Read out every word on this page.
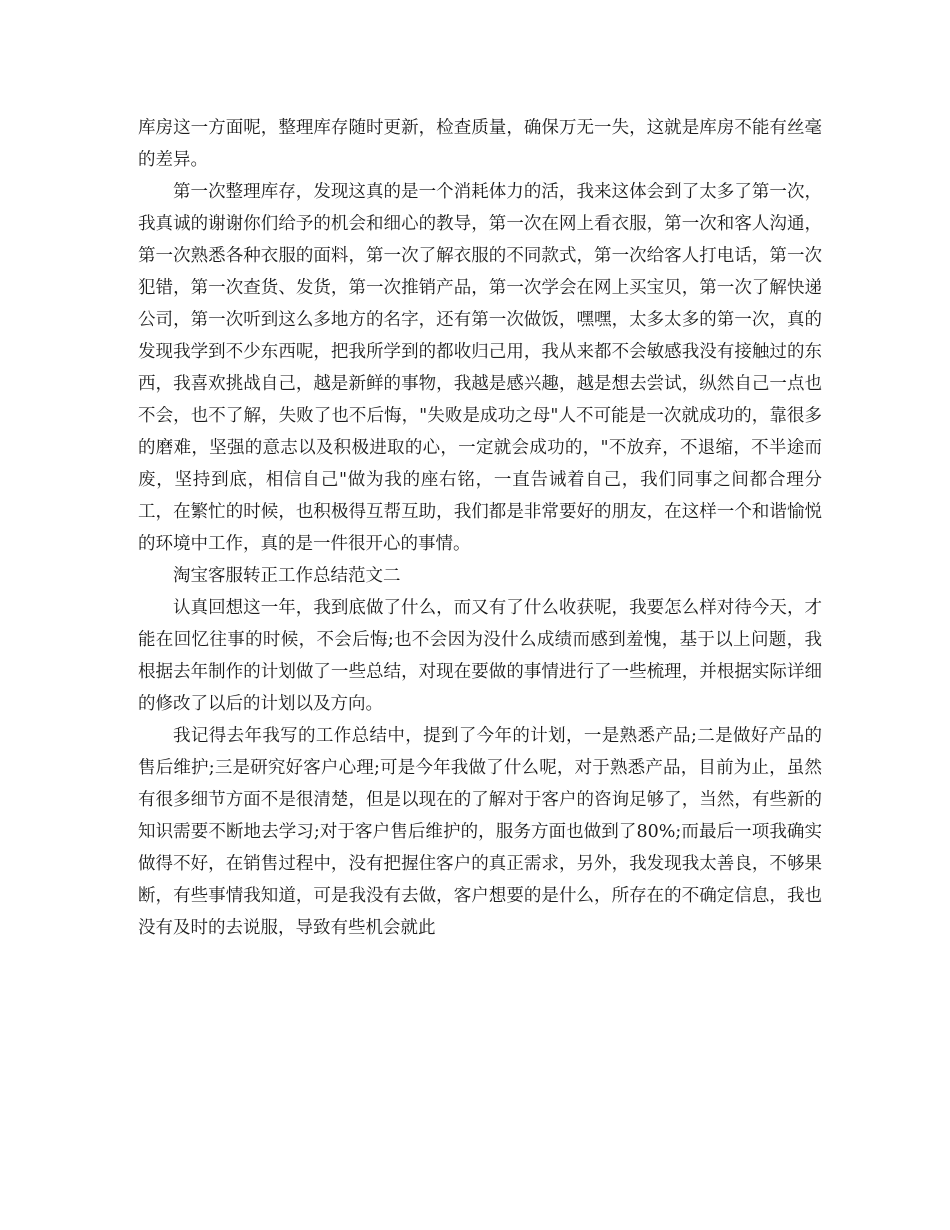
库房这一方面呢，整理库存随时更新，检查质量，确保万无一失，这就是库房不能有丝毫的差异。

第一次整理库存，发现这真的是一个消耗体力的活，我来这体会到了太多了第一次，我真诚的谢谢你们给予的机会和细心的教导，第一次在网上看衣服，第一次和客人沟通，第一次熟悉各种衣服的面料，第一次了解衣服的不同款式，第一次给客人打电话，第一次犯错，第一次查货、发货，第一次推销产品，第一次学会在网上买宝贝，第一次了解快递公司，第一次听到这么多地方的名字，还有第一次做饭，嘿嘿，太多太多的第一次，真的发现我学到不少东西呢，把我所学到的都收归己用，我从来都不会敏感我没有接触过的东西，我喜欢挑战自己，越是新鲜的事物，我越是感兴趣，越是想去尝试，纵然自己一点也不会，也不了解，失败了也不后悔，"失败是成功之母"人不可能是一次就成功的，靠很多的磨难，坚强的意志以及积极进取的心，一定就会成功的，"不放弃，不退缩，不半途而废，坚持到底，相信自己"做为我的座右铭，一直告诫着自己，我们同事之间都合理分工，在繁忙的时候，也积极得互帮互助，我们都是非常要好的朋友，在这样一个和谐愉悦的环境中工作，真的是一件很开心的事情。

淘宝客服转正工作总结范文二

认真回想这一年，我到底做了什么，而又有了什么收获呢，我要怎么样对待今天，才能在回忆往事的时候，不会后悔;也不会因为没什么成绩而感到羞愧，基于以上问题，我根据去年制作的计划做了一些总结，对现在要做的事情进行了一些梳理，并根据实际详细的修改了以后的计划以及方向。

我记得去年我写的工作总结中，提到了今年的计划，一是熟悉产品;二是做好产品的售后维护;三是研究好客户心理;可是今年我做了什么呢，对于熟悉产品，目前为止，虽然有很多细节方面不是很清楚，但是以现在的了解对于客户的咨询足够了，当然，有些新的知识需要不断地去学习;对于客户售后维护的，服务方面也做到了80%;而最后一项我确实做得不好，在销售过程中，没有把握住客户的真正需求，另外，我发现我太善良，不够果断，有些事情我知道，可是我没有去做，客户想要的是什么，所存在的不确定信息，我也没有及时的去说服，导致有些机会就此
